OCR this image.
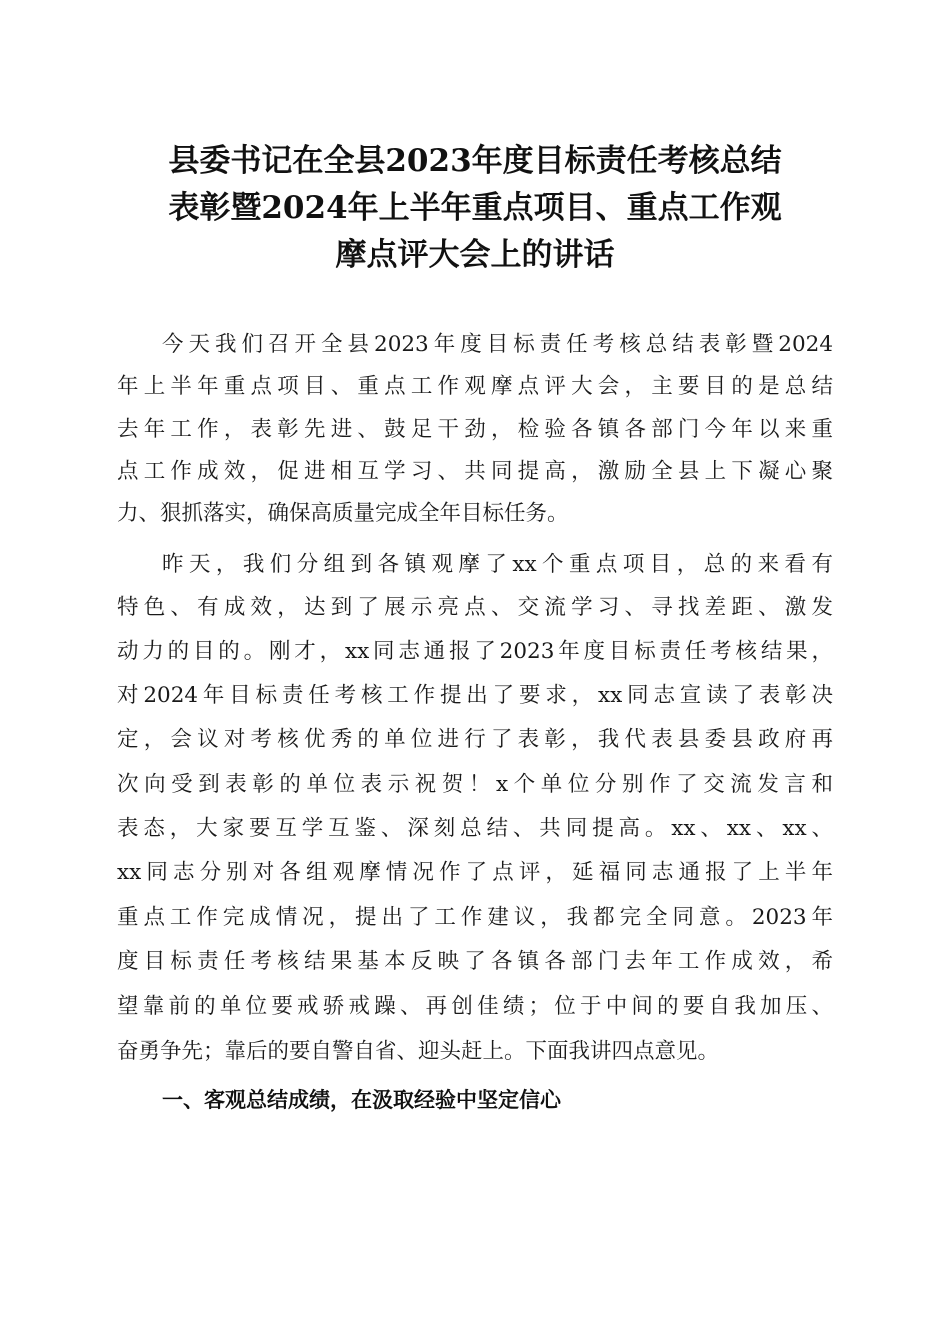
县委书记在全县2023年度目标责任考核总结
表彰暨2024年上半年重点项目、重点工作观
摩点评大会上的讲话

今天我们召开全县2023年度目标责任考核总结表彰暨2024

年上半年重点项目、重点工作观摩点评大会，主要目的是总结

去年工作，表彰先进、鼓足干劲，检验各镇各部门今年以来重

点工作成效，促进相互学习、共同提高，激励全县上下凝心聚

力、狠抓落实，确保高质量完成全年目标任务。

昨天，我们分组到各镇观摩了xx个重点项目，总的来看有

特色、有成效，达到了展示亮点、交流学习、寻找差距、激发

动力的目的。刚才，xx同志通报了2023年度目标责任考核结果，

对2024年目标责任考核工作提出了要求，xx同志宣读了表彰决

定，会议对考核优秀的单位进行了表彰，我代表县委县政府再

次向受到表彰的单位表示祝贺！x个单位分别作了交流发言和

表态，大家要互学互鉴、深刻总结、共同提高。xx、xx、xx、

xx同志分别对各组观摩情况作了点评，延福同志通报了上半年

重点工作完成情况，提出了工作建议，我都完全同意。2023年

度目标责任考核结果基本反映了各镇各部门去年工作成效，希

望靠前的单位要戒骄戒躁、再创佳绩；位于中间的要自我加压、

奋勇争先；靠后的要自警自省、迎头赶上。下面我讲四点意见。

一、客观总结成绩，在汲取经验中坚定信心
